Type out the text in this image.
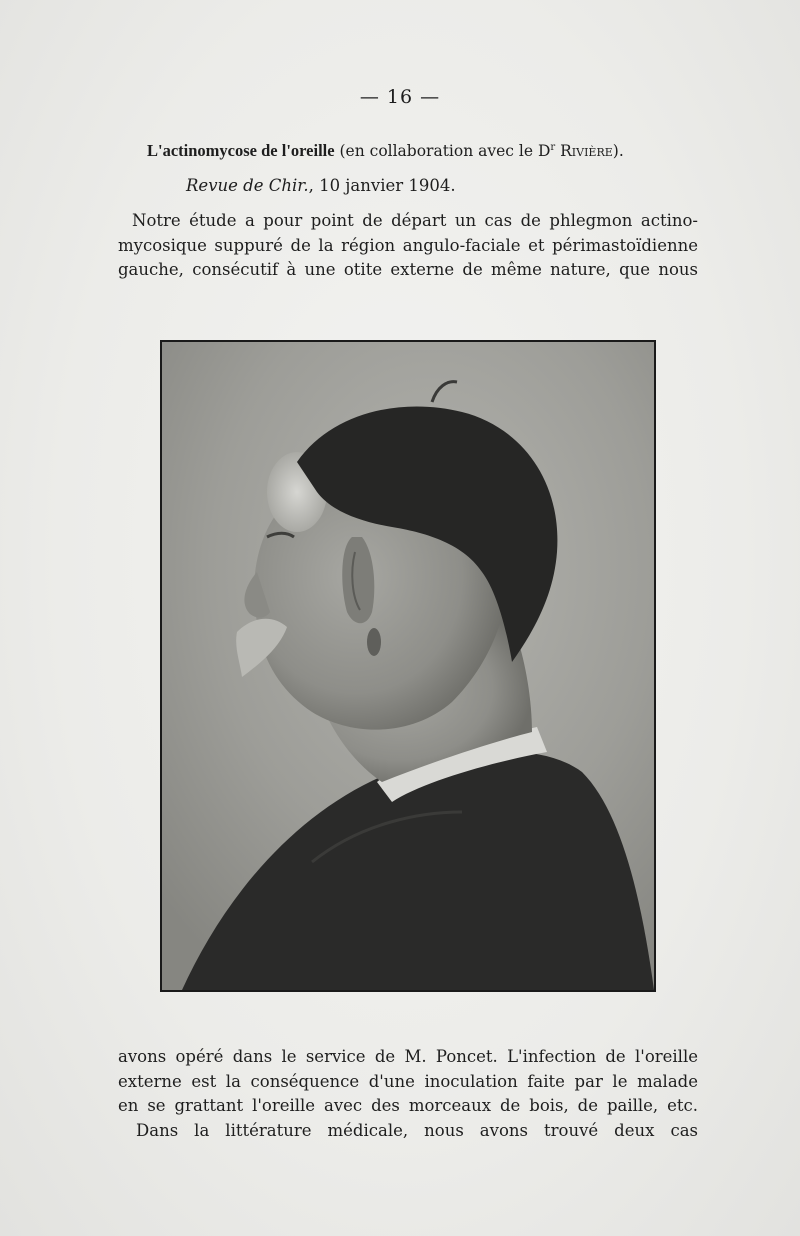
— 16 —
L'actinomycose de l'oreille (en collaboration avec le $D^r$ Rivière).
Revue de Chir., 10 janvier 1904.
Notre étude a pour point de départ un cas de phlegmon actino-
mycosique suppuré de la région angulo-faciale et périmastoïdienne
gauche, consécutif à une otite externe de même nature, que nous
avons opéré dans le service de M. Poncet. L'infection de l'oreille
externe est la conséquence d'une inoculation faite par le malade
en se grattant l'oreille avec des morceaux de bois, de paille, etc.
Dans la littérature médicale, nous avons trouvé deux cas
